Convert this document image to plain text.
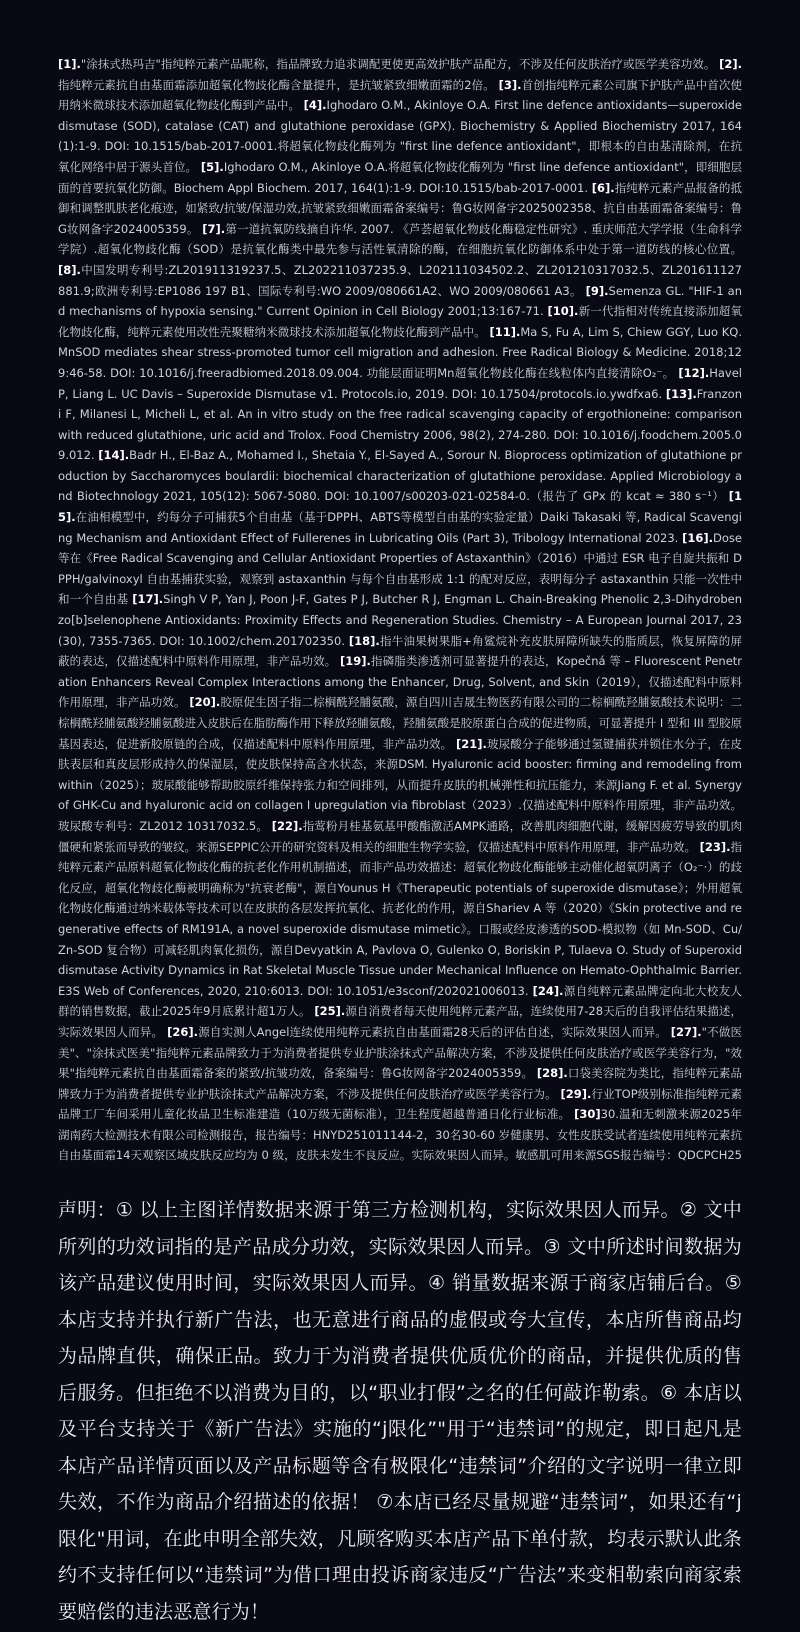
[1]."涂抹式热玛吉"指纯粹元素产品昵称，指品牌致力追求调配更使更高效护肤产品配方，不涉及任何皮肤治疗或医学美容功效。 [2].指纯粹元素抗自由基面霜添加超氧化物歧化酶含量提升，是抗皱紧致细嫩面霜的2倍。 [3].首创指纯粹元素公司旗下护肤产品中首次使用纳米微球技术添加超氧化物歧化酶到产品中。 [4].Ighodaro O.M., Akinloye O.A. First line defence antioxidants—superoxide dismutase (SOD), catalase (CAT) and glutathione peroxidase (GPX). Biochemistry & Applied Biochemistry 2017, 164(1):1-9. DOI: 10.1515/bab-2017-0001.将超氧化物歧化酶列为 "first line defence antioxidant"，即根本的自由基清除剂，在抗氧化网络中居于源头首位。 [5].Ighodaro O.M., Akinloye O.A.将超氧化物歧化酶列为 "first line defence antioxidant"，即细胞层面的首要抗氧化防御。Biochem Appl Biochem. 2017, 164(1):1-9. DOI:10.1515/bab-2017-0001. [6].指纯粹元素产品报备的抵御和调整肌肤老化痕迹，如紧致/抗皱/保湿功效,抗皱紧致细嫩面霜备案编号：鲁G妆网备字2025002358、抗自由基面霜备案编号：鲁G妆网备字2024005359。 [7].第一道抗氧防线摘自许华. 2007. 《芦荟超氧化物歧化酶稳定性研究》. 重庆师范大学学报（生命科学学院）.超氧化物歧化酶（SOD）是抗氧化酶类中最先参与活性氧清除的酶，在细胞抗氧化防御体系中处于第一道防线的核心位置。 [8].中国发明专利号:ZL201911319237.5、ZL202211037235.9、L202111034502.2、ZL201210317032.5、ZL201611127881.9;欧洲专利号:EP1086 197 B1、国际专利号:WO 2009/080661A2、WO 2009/080661 A3。 [9].Semenza GL. "HIF-1 and mechanisms of hypoxia sensing." Current Opinion in Cell Biology 2001;13:167-71. [10].新一代指相对传统直接添加超氧化物歧化酶，纯粹元素使用改性壳聚糖纳米微球技术添加超氧化物歧化酶到产品中。 [11].Ma S, Fu A, Lim S, Chiew GGY, Luo KQ. MnSOD mediates shear stress-promoted tumor cell migration and adhesion. Free Radical Biology & Medicine. 2018;129:46-58. DOI: 10.1016/j.freeradbiomed.2018.09.004. 功能层面证明Mn超氧化物歧化酶在线粒体内直接清除O₂⁻。 [12].Havel P, Liang L. UC Davis – Superoxide Dismutase v1. Protocols.io, 2019. DOI: 10.17504/protocols.io.ywdfxa6. [13].Franzoni F, Milanesi L, Micheli L, et al. An in vitro study on the free radical scavenging capacity of ergothioneine: comparison with reduced glutathione, uric acid and Trolox. Food Chemistry 2006, 98(2), 274-280. DOI: 10.1016/j.foodchem.2005.09.012. [14].Badr H., El-Baz A., Mohamed I., Shetaia Y., El-Sayed A., Sorour N. Bioprocess optimization of glutathione production by Saccharomyces boulardii: biochemical characterization of glutathione peroxidase. Applied Microbiology and Biotechnology 2021, 105(12): 5067-5080. DOI: 10.1007/s00203-021-02584-0.（报告了 GPx 的 kcat ≈ 380 s⁻¹） [15].在油相模型中，约每分子可捕获5个自由基（基于DPPH、ABTS等模型自由基的实验定量）Daiki Takasaki 等, Radical Scavenging Mechanism and Antioxidant Effect of Fullerenes in Lubricating Oils (Part 3), Tribology International 2023. [16].Dose 等在《Free Radical Scavenging and Cellular Antioxidant Properties of Astaxanthin》（2016）中通过 ESR 电子自旋共振和 DPPH/galvinoxyl 自由基捕获实验，观察到 astaxanthin 与每个自由基形成 1:1 的配对反应，表明每分子 astaxanthin 只能一次性中和一个自由基 [17].Singh V P, Yan J, Poon J-F, Gates P J, Butcher R J, Engman L. Chain-Breaking Phenolic 2,3-Dihydrobenzo[b]selenophene Antioxidants: Proximity Effects and Regeneration Studies. Chemistry – A European Journal 2017, 23(30), 7355-7365. DOI: 10.1002/chem.201702350. [18].指牛油果树果脂+角鲨烷补充皮肤屏障所缺失的脂质层，恢复屏障的屏蔽的表达，仅描述配料中原料作用原理，非产品功效。 [19].指磷脂类渗透剂可显著提升的表达，Kopečná 等 – Fluorescent Penetration Enhancers Reveal Complex Interactions among the Enhancer, Drug, Solvent, and Skin（2019），仅描述配料中原料作用原理，非产品功效。 [20].胶原促生因子指二棕榈酰羟脯氨酸，源自四川吉晟生物医药有限公司的二棕榈酰羟脯氨酸技术说明：二棕榈酰羟脯氨酸羟脯氨酸进入皮肤后在脂肪酶作用下释放羟脯氨酸，羟脯氨酸是胶原蛋白合成的促进物质，可显著提升 I 型和 III 型胶原基因表达，促进新胶原链的合成，仅描述配料中原料作用原理，非产品功效。 [21].玻尿酸分子能够通过氢键捕获并锁住水分子，在皮肤表层和真皮层形成持久的保湿层，使皮肤保持高含水状态，来源DSM. Hyaluronic acid booster: firming and remodeling from within（2025）；玻尿酸能够帮助胶原纤维保持张力和空间排列，从而提升皮肤的机械弹性和抗压能力，来源Jiang F. et al. Synergy of GHK-Cu and hyaluronic acid on collagen I upregulation via fibroblast（2023）.仅描述配料中原料作用原理，非产品功效。玻尿酸专利号：ZL2012 10317032.5。 [22].指莺粉月桂基氨基甲酸酯激活AMPK通路，改善肌肉细胞代谢，缓解因疲劳导致的肌肉僵硬和紧张而导致的皱纹。来源SEPPIC公开的研究资料及相关的细胞生物学实验，仅描述配料中原料作用原理，非产品功效。 [23].指纯粹元素产品原料超氧化物歧化酶的抗老化作用机制描述，而非产品功效描述：超氧化物歧化酶能够主动催化超氧阴离子（O₂⁻·）的歧化反应，超氧化物歧化酶被明确称为"抗衰老酶"，源自Younus H《Therapeutic potentials of superoxide dismutase》；外用超氧化物歧化酶通过纳米载体等技术可以在皮肤的各层发挥抗氧化、抗老化的作用，源自Shariev A 等（2020）《Skin protective and regenerative effects of RM191A, a novel superoxide dismutase mimetic》。口服或经皮渗透的SOD-模拟物（如 Mn-SOD、Cu/Zn-SOD 复合物）可减轻肌肉氧化损伤，源自Devyatkin A, Pavlova O, Gulenko O, Boriskin P, Tulaeva O. Study of Superoxiddismutase Activity Dynamics in Rat Skeletal Muscle Tissue under Mechanical Influence on Hemato-Ophthalmic Barrier. E3S Web of Conferences, 2020, 210:6013. DOI: 10.1051/e3sconf/202021006013. [24].源自纯粹元素品牌定向北大校友人群的销售数据，截止2025年9月底累计超1万人。 [25].源自消费者每天使用纯粹元素产品，连续使用7-28天后的自我评估结果描述，实际效果因人而异。 [26].源自实测人Angel连续使用纯粹元素抗自由基面霜28天后的评估自述，实际效果因人而异。 [27]."不做医美"、"涂抹式医美"指纯粹元素品牌致力于为消费者提供专业护肤涂抹式产品解决方案，不涉及提供任何皮肤治疗或医学美容行为，"效果"指纯粹元素抗自由基面霜备案的紧致/抗皱功效，备案编号：鲁G妆网备字2024005359。 [28].口袋美容院为类比，指纯粹元素品牌致力于为消费者提供专业护肤涂抹式产品解决方案，不涉及提供任何皮肤治疗或医学美容行为。 [29].行业TOP级别标准指纯粹元素品牌工厂车间采用儿童化妆品卫生标准建造（10万级无菌标准），卫生程度超越普通日化行业标准。 [30]30.温和无刺激来源2025年湖南药大检测技术有限公司检测报告，报告编号：HNYD251011144-2，30名30-60 岁健康男、女性皮肤受试者连续使用纯粹元素抗自由基面霜14天观察区域皮肤反应均为 0 级，皮肤未发生不良反应。实际效果因人而异。敏感肌可用来源SGS报告编号：QDCPCH25
声明：① 以上主图详情数据来源于第三方检测机构，实际效果因人而异。② 文中所列的功效词指的是产品成分功效，实际效果因人而异。③ 文中所述时间数据为该产品建议使用时间，实际效果因人而异。④ 销量数据来源于商家店铺后台。⑤ 本店支持并执行新广告法，也无意进行商品的虚假或夸大宣传，本店所售商品均为品牌直供，确保正品。致力于为消费者提供优质优价的商品，并提供优质的售后服务。但拒绝不以消费为目的，以“职业打假”之名的任何敲诈勒索。⑥ 本店以及平台支持关于《新广告法》实施的“j限化”"用于“违禁词”的规定，即日起凡是本店产品详情页面以及产品标题等含有极限化“违禁词”介绍的文字说明一律立即失效，不作为商品介绍描述的依据！ ⑦本店已经尽量规避“违禁词”，如果还有“j限化"用词，在此申明全部失效，凡顾客购买本店产品下单付款，均表示默认此条约不支持任何以“违禁词”为借口理由投诉商家违反“广告法”来变相勒索向商家索要赔偿的违法恶意行为！
